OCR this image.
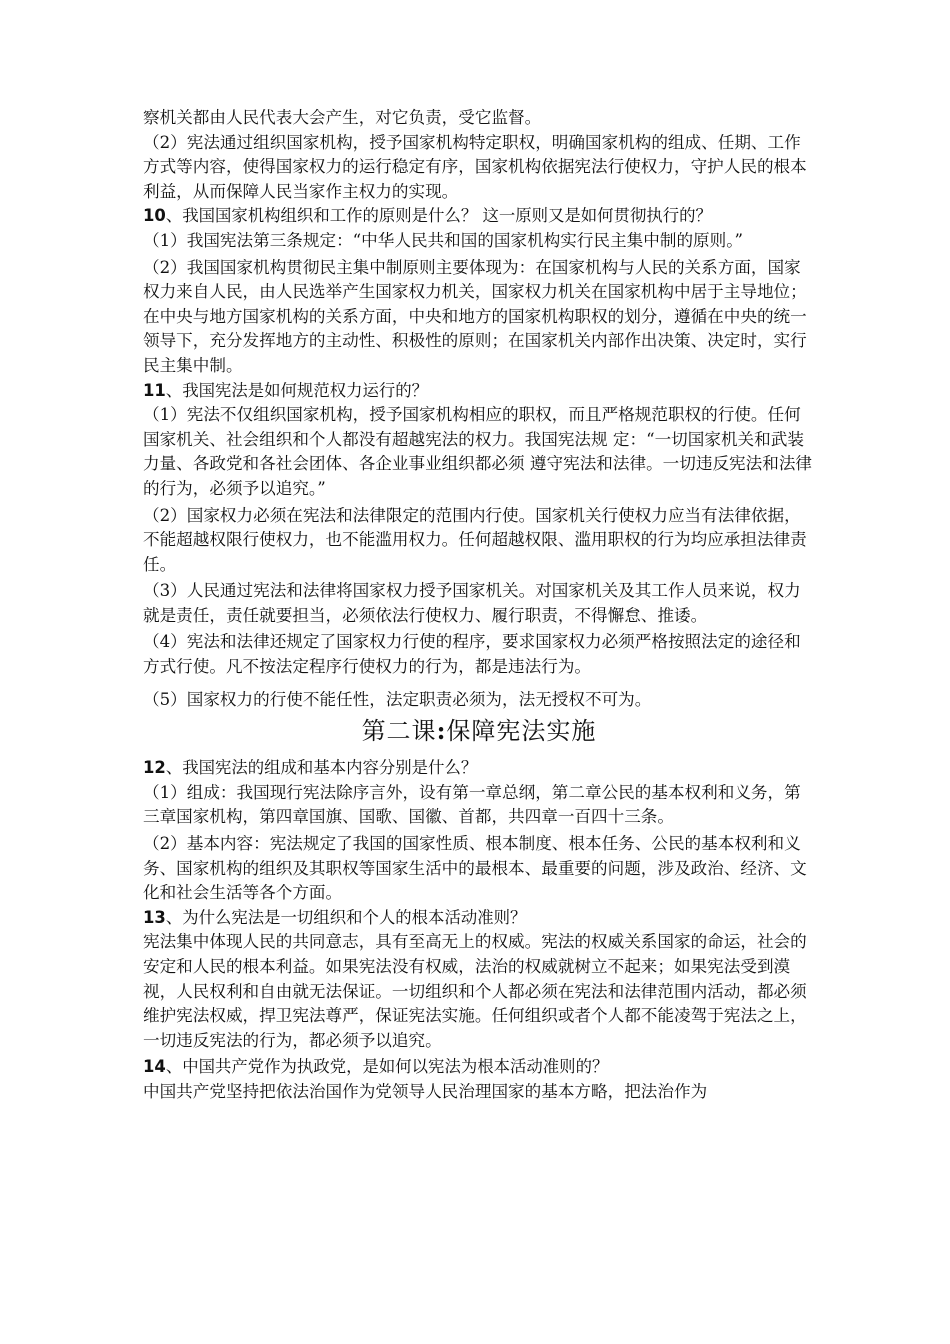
察机关都由人民代表大会产生，对它负责，受它监督。

（2）宪法通过组织国家机构，授予国家机构特定职权，明确国家机构的组成、任期、工作方式等内容，使得国家权力的运行稳定有序，国家机构依据宪法行使权力，守护人民的根本利益，从而保障人民当家作主权力的实现。

10、我国国家机构组织和工作的原则是什么？ 这一原则又是如何贯彻执行的？

（1）我国宪法第三条规定：“中华人民共和国的国家机构实行民主集中制的原则。”

（2）我国国家机构贯彻民主集中制原则主要体现为：在国家机构与人民的关系方面，国家权力来自人民，由人民选举产生国家权力机关，国家权力机关在国家机构中居于主导地位；在中央与地方国家机构的关系方面，中央和地方的国家机构职权的划分，遵循在中央的统一领导下，充分发挥地方的主动性、积极性的原则；在国家机关内部作出决策、决定时，实行民主集中制。

11、我国宪法是如何规范权力运行的？

（1）宪法不仅组织国家机构，授予国家机构相应的职权，而且严格规范职权的行使。任何国家机关、社会组织和个人都没有超越宪法的权力。我国宪法规 定：“一切国家机关和武装力量、各政党和各社会团体、各企业事业组织都必须 遵守宪法和法律。一切违反宪法和法律的行为，必须予以追究。”

（2）国家权力必须在宪法和法律限定的范围内行使。国家机关行使权力应当有法律依据，不能超越权限行使权力，也不能滥用权力。任何超越权限、滥用职权的行为均应承担法律责任。

（3）人民通过宪法和法律将国家权力授予国家机关。对国家机关及其工作人员来说，权力就是责任，责任就要担当，必须依法行使权力、履行职责，不得懈怠、推诿。

（4）宪法和法律还规定了国家权力行使的程序，要求国家权力必须严格按照法定的途径和方式行使。凡不按法定程序行使权力的行为，都是违法行为。

（5）国家权力的行使不能任性，法定职责必须为，法无授权不可为。

第二课:保障宪法实施

12、我国宪法的组成和基本内容分别是什么？

（1）组成：我国现行宪法除序言外，设有第一章总纲，第二章公民的基本权利和义务，第三章国家机构，第四章国旗、国歌、国徽、首都，共四章一百四十三条。

（2）基本内容：宪法规定了我国的国家性质、根本制度、根本任务、公民的基本权利和义务、国家机构的组织及其职权等国家生活中的最根本、最重要的问题，涉及政治、经济、文化和社会生活等各个方面。

13、为什么宪法是一切组织和个人的根本活动准则？

宪法集中体现人民的共同意志，具有至高无上的权威。宪法的权威关系国家的命运，社会的安定和人民的根本利益。如果宪法没有权威，法治的权威就树立不起来；如果宪法受到漠视，人民权利和自由就无法保证。一切组织和个人都必须在宪法和法律范围内活动，都必须维护宪法权威，捍卫宪法尊严，保证宪法实施。任何组织或者个人都不能凌驾于宪法之上，一切违反宪法的行为，都必须予以追究。

14、中国共产党作为执政党，是如何以宪法为根本活动准则的？

中国共产党坚持把依法治国作为党领导人民治理国家的基本方略，把法治作为
